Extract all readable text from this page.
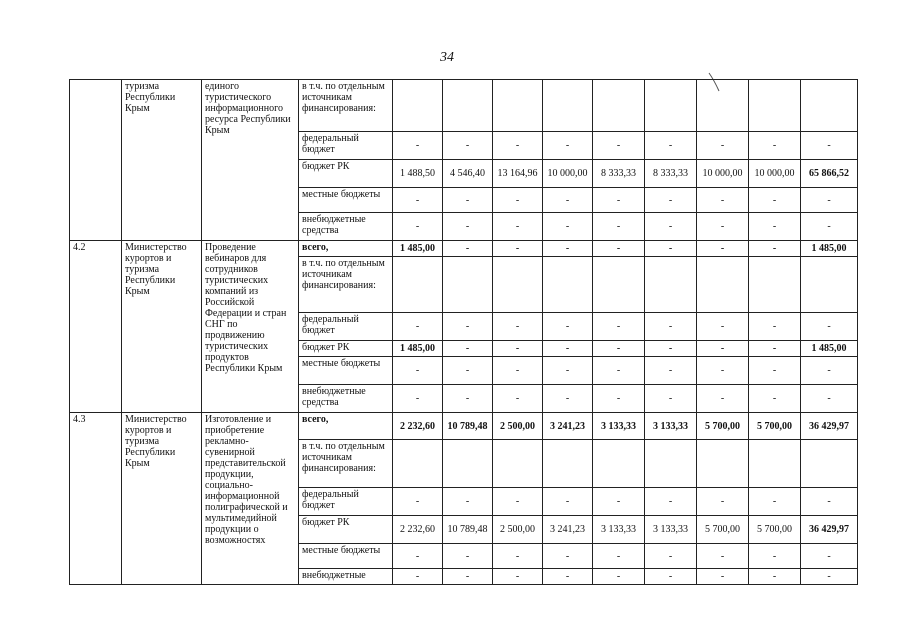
34
	туризма Республики Крым	единого туристического информационного ресурса Республики Крым	в т.ч. по отдельным источникам финансирования:									
			федеральный бюджет	-	-	-	-	-	-	-	-	-
			бюджет РК	1 488,50	4 546,40	13 164,96	10 000,00	8 333,33	8 333,33	10 000,00	10 000,00	65 866,52
			местные бюджеты	-	-	-	-	-	-	-	-	-
			внебюджетные средства	-	-	-	-	-	-	-	-	-
4.2	Министерство курортов и туризма Республики Крым	Проведение вебинаров для сотрудников туристических компаний из Российской Федерации и стран СНГ по продвижению туристических продуктов Республики Крым	всего,	1 485,00	-	-	-	-	-	-	-	1 485,00
			в т.ч. по отдельным источникам финансирования:									
			федеральный бюджет	-	-	-	-	-	-	-	-	-
			бюджет РК	1 485,00	-	-	-	-	-	-	-	1 485,00
			местные бюджеты	-	-	-	-	-	-	-	-	-
			внебюджетные средства	-	-	-	-	-	-	-	-	-
4.3	Министерство курортов и туризма Республики Крым	Изготовление и приобретение рекламно-сувенирной представительской продукции, социально-информационной полиграфической и мультимедийной продукции о возможностях	всего,	2 232,60	10 789,48	2 500,00	3 241,23	3 133,33	3 133,33	5 700,00	5 700,00	36 429,97
			в т.ч. по отдельным источникам финансирования:									
			федеральный бюджет	-	-	-	-	-	-	-	-	-
			бюджет РК	2 232,60	10 789,48	2 500,00	3 241,23	3 133,33	3 133,33	5 700,00	5 700,00	36 429,97
			местные бюджеты	-	-	-	-	-	-	-	-	-
			внебюджетные	-	-	-	-	-	-	-	-	-
